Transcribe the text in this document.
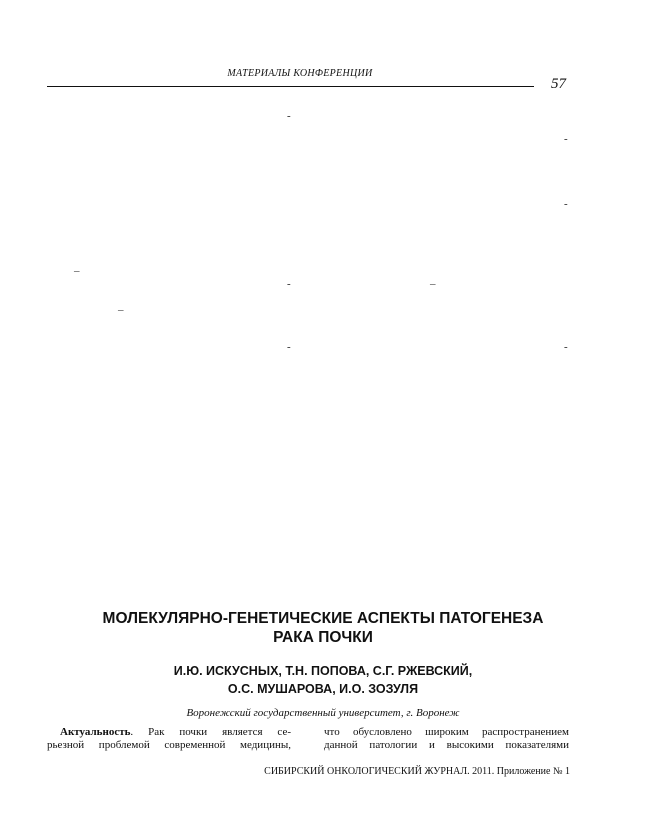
МАТЕРИАЛЫ КОНФЕРЕНЦИИ
57
-
-
-
–
-	–
–
-	-
МОЛЕКУЛЯРНО-ГЕНЕТИЧЕСКИЕ АСПЕКТЫ ПАТОГЕНЕЗА
РАКА ПОЧКИ
И.Ю. ИСКУСНЫХ, Т.Н. ПОПОВА, С.Г. РЖЕВСКИЙ,
О.С. МУШАРОВА, И.О. ЗОЗУЛЯ
Воронежский государственный университет, г. Воронеж
Актуальность. Рак почки является се-
рьезной проблемой современной медицины,
что обусловлено широким распространением
данной патологии и высокими показателями
СИБИРСКИЙ ОНКОЛОГИЧЕСКИЙ ЖУРНАЛ. 2011. Приложение № 1
